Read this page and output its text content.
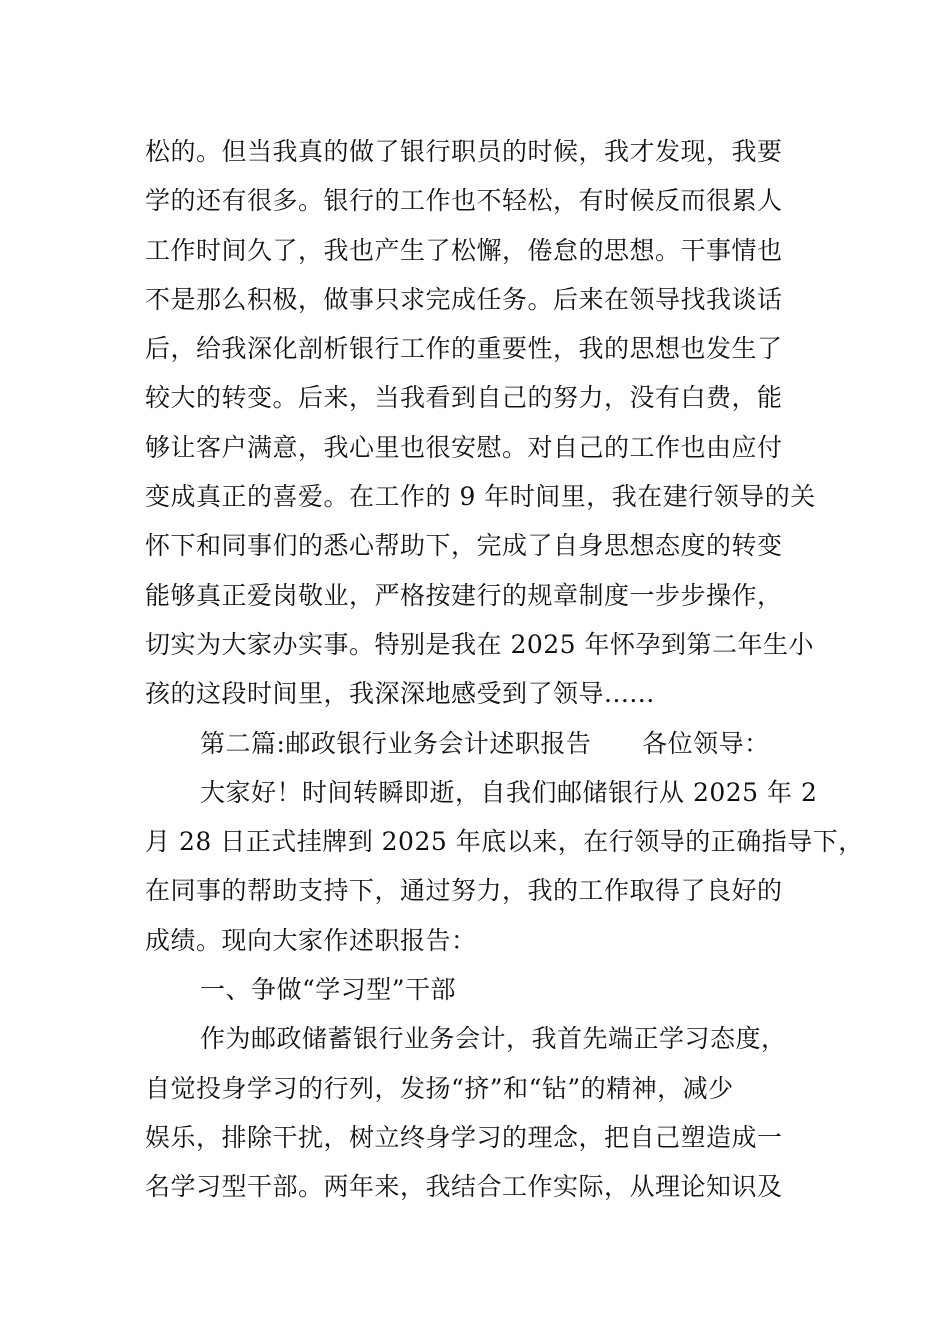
松的。但当我真的做了银行职员的时候，我才发现，我要
学的还有很多。银行的工作也不轻松，有时候反而很累人
工作时间久了，我也产生了松懈，倦怠的思想。干事情也
不是那么积极，做事只求完成任务。后来在领导找我谈话
后，给我深化剖析银行工作的重要性，我的思想也发生了
较大的转变。后来，当我看到自己的努力，没有白费，能
够让客户满意，我心里也很安慰。对自己的工作也由应付
变成真正的喜爱。在工作的 9 年时间里，我在建行领导的关
怀下和同事们的悉心帮助下，完成了自身思想态度的转变
能够真正爱岗敬业，严格按建行的规章制度一步步操作，
切实为大家办实事。特别是我在 2025 年怀孕到第二年生小
孩的这段时间里，我深深地感受到了领导......
第二篇:邮政银行业务会计述职报告      各位领导：
大家好！时间转瞬即逝，自我们邮储银行从 2025 年 2
月 28 日正式挂牌到 2025 年底以来，在行领导的正确指导下，
在同事的帮助支持下，通过努力，我的工作取得了良好的
成绩。现向大家作述职报告：
一、争做“学习型”干部
作为邮政储蓄银行业务会计，我首先端正学习态度，
自觉投身学习的行列，发扬“挤”和“钻”的精神，减少
娱乐，排除干扰，树立终身学习的理念，把自己塑造成一
名学习型干部。两年来，我结合工作实际，从理论知识及
